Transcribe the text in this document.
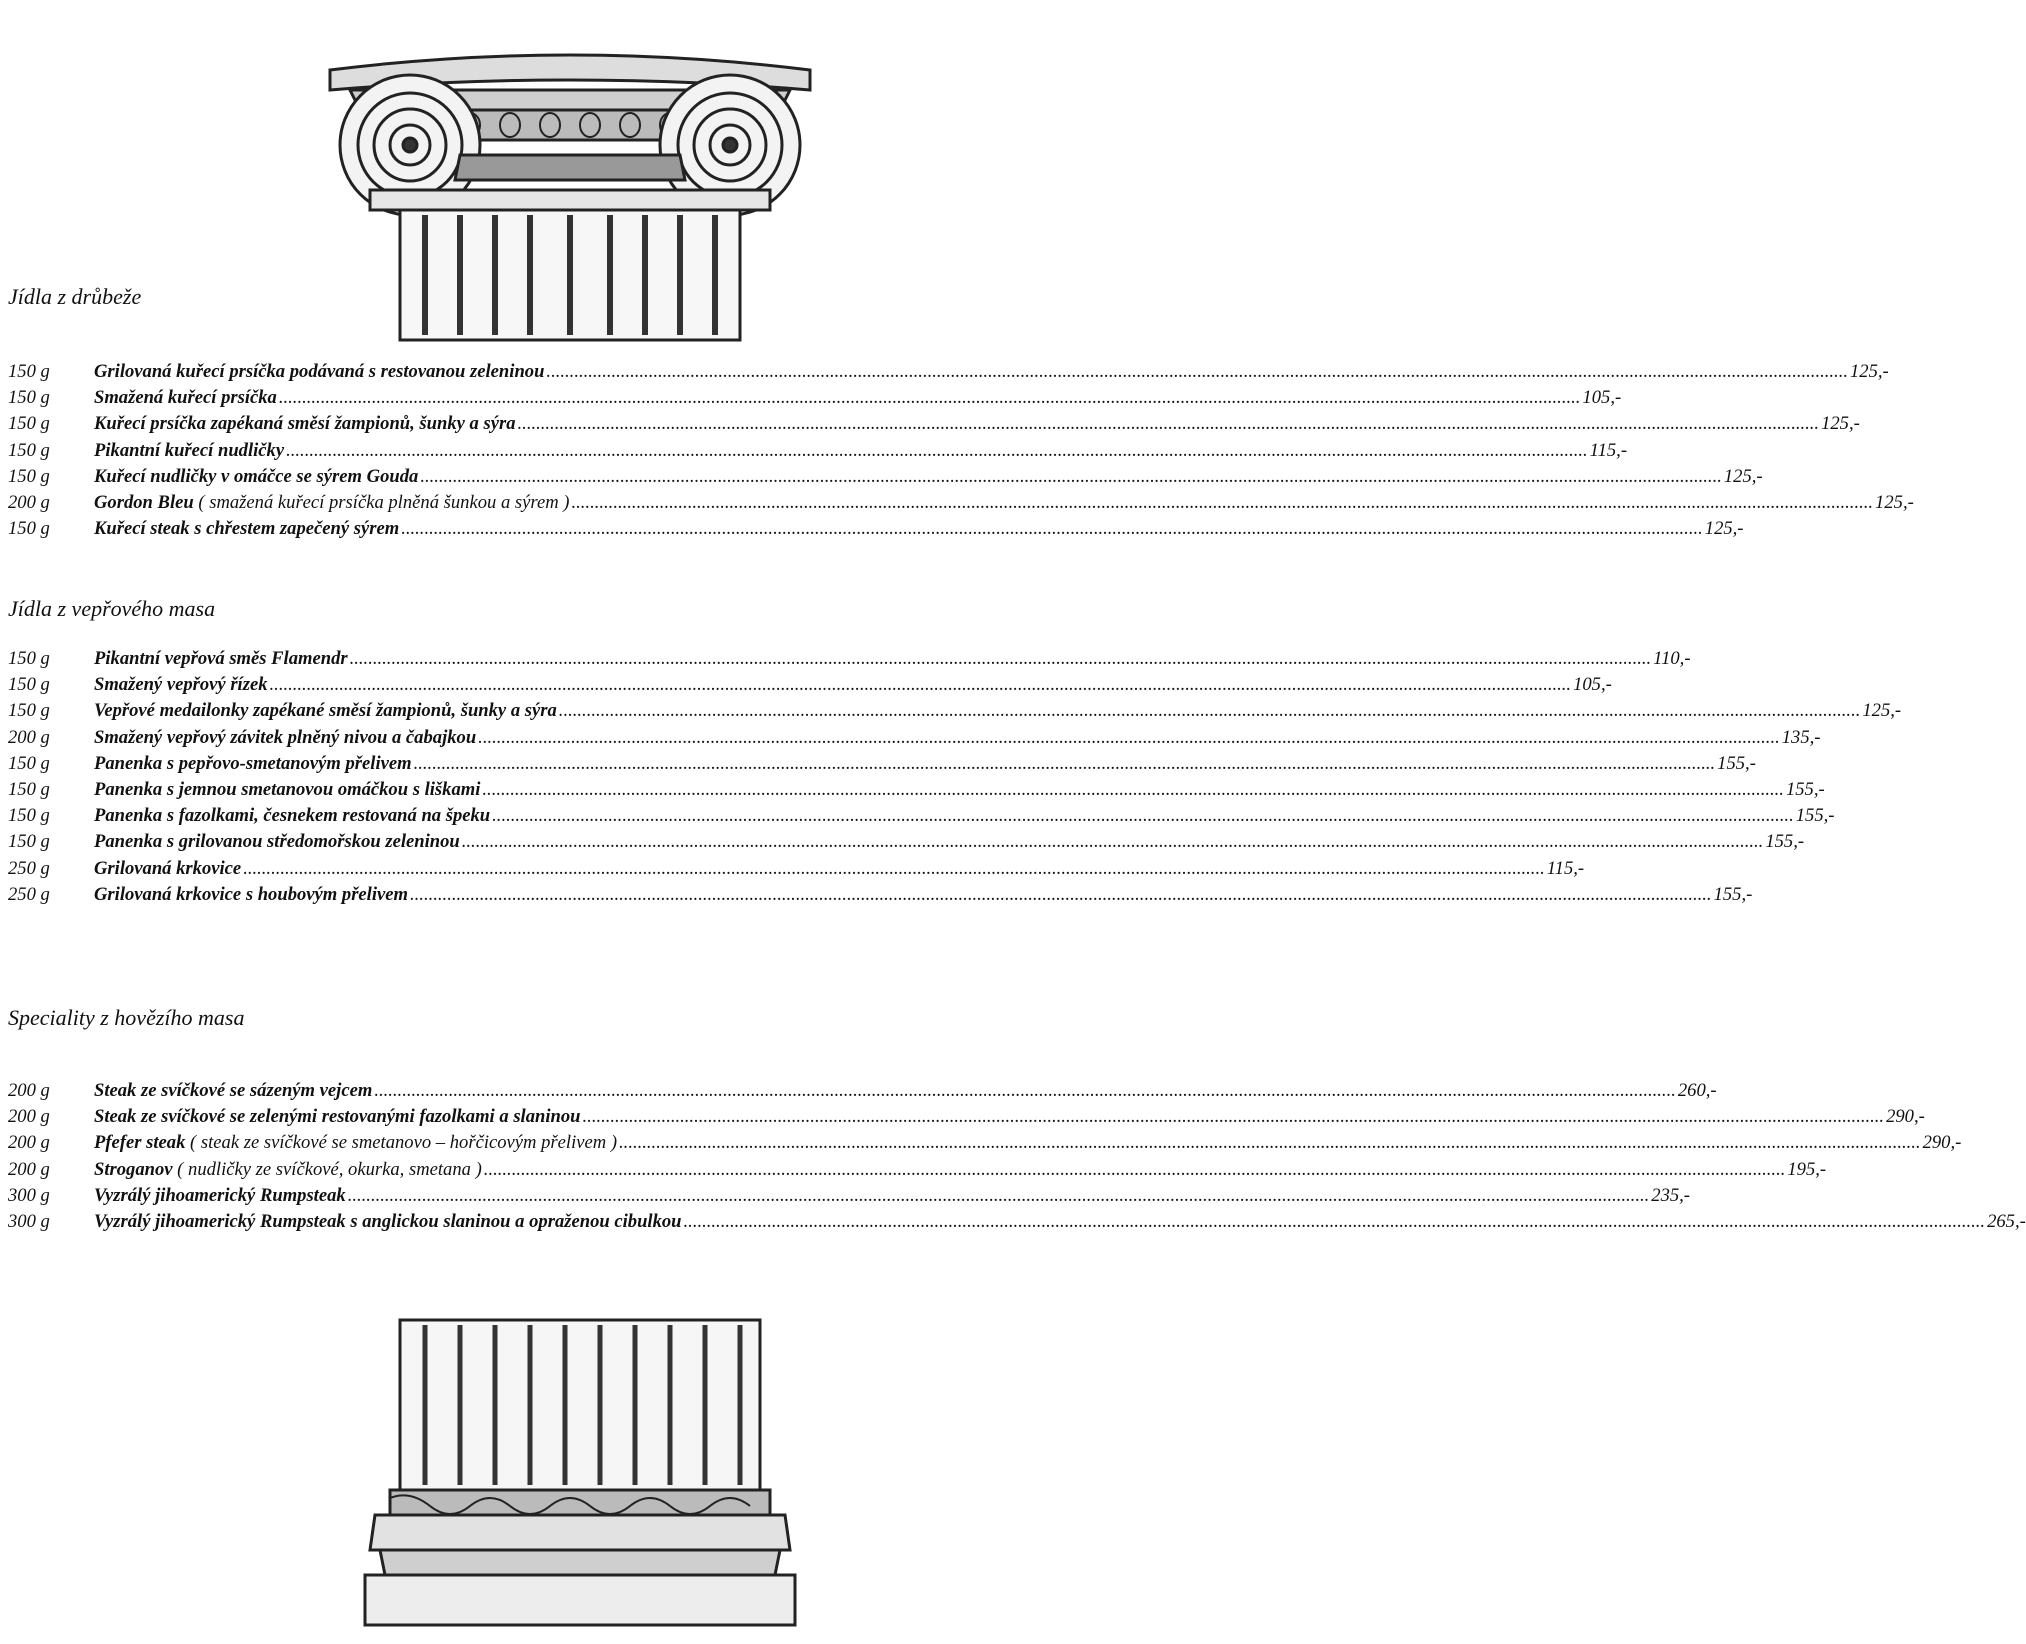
Jídla z drůbeže
150 g	Grilovaná kuřecí prsíčka podávaná s restovanou zeleninou .....	125,-
150 g	Smažená kuřecí prsíčka .....	105,-
150 g	Kuřecí prsíčka zapékaná směsí žampionů, šunky a sýra .....	125,-
150 g	Pikantní kuřecí nudličky .....	115,-
150 g	Kuřecí nudličky v omáčce se sýrem Gouda .....	125,-
200 g	Gordon Bleu ( smažená kuřecí prsíčka plněná šunkou a sýrem ) .....	125,-
150 g	Kuřecí steak s chřestem zapečený sýrem .....	125,-
Jídla z vepřového masa
150 g	Pikantní vepřová směs Flamendr .....	110,-
150 g	Smažený vepřový řízek .....	105,-
150 g	Vepřové medailonky zapékané směsí žampionů, šunky a sýra .....	125,-
200 g	Smažený vepřový závitek plněný nivou a čabajkou .....	135,-
150 g	Panenka s pepřovo-smetanovým přelivem .....	155,-
150 g	Panenka s jemnou smetanovou omáčkou s liškami .....	155,-
150 g	Panenka s fazolkami, česnekem restovaná na špeku .....	155,-
150 g	Panenka s grilovanou středomořskou zeleninou .....	155,-
250 g	Grilovaná krkovice .....	115,-
250 g	Grilovaná krkovice s houbovým přelivem .....	155,-
Speciality z hovězího masa
200 g	Steak ze svíčkové se sázeným vejcem .....	260,-
200 g	Steak ze svíčkové se zelenými restovanými fazolkami a slaninou .....	290,-
200 g	Pfefer steak ( steak ze svíčkové se smetanovo – hořčicovým přelivem ) .....	290,-
200 g	Stroganov ( nudličky ze svíčkové, okurka, smetana ) .....	195,-
300 g	Vyzrálý jihoamerický Rumpsteak .....	235,-
300 g	Vyzrálý jihoamerický Rumpsteak s anglickou slaninou a opraženou cibulkou .....	265,-
